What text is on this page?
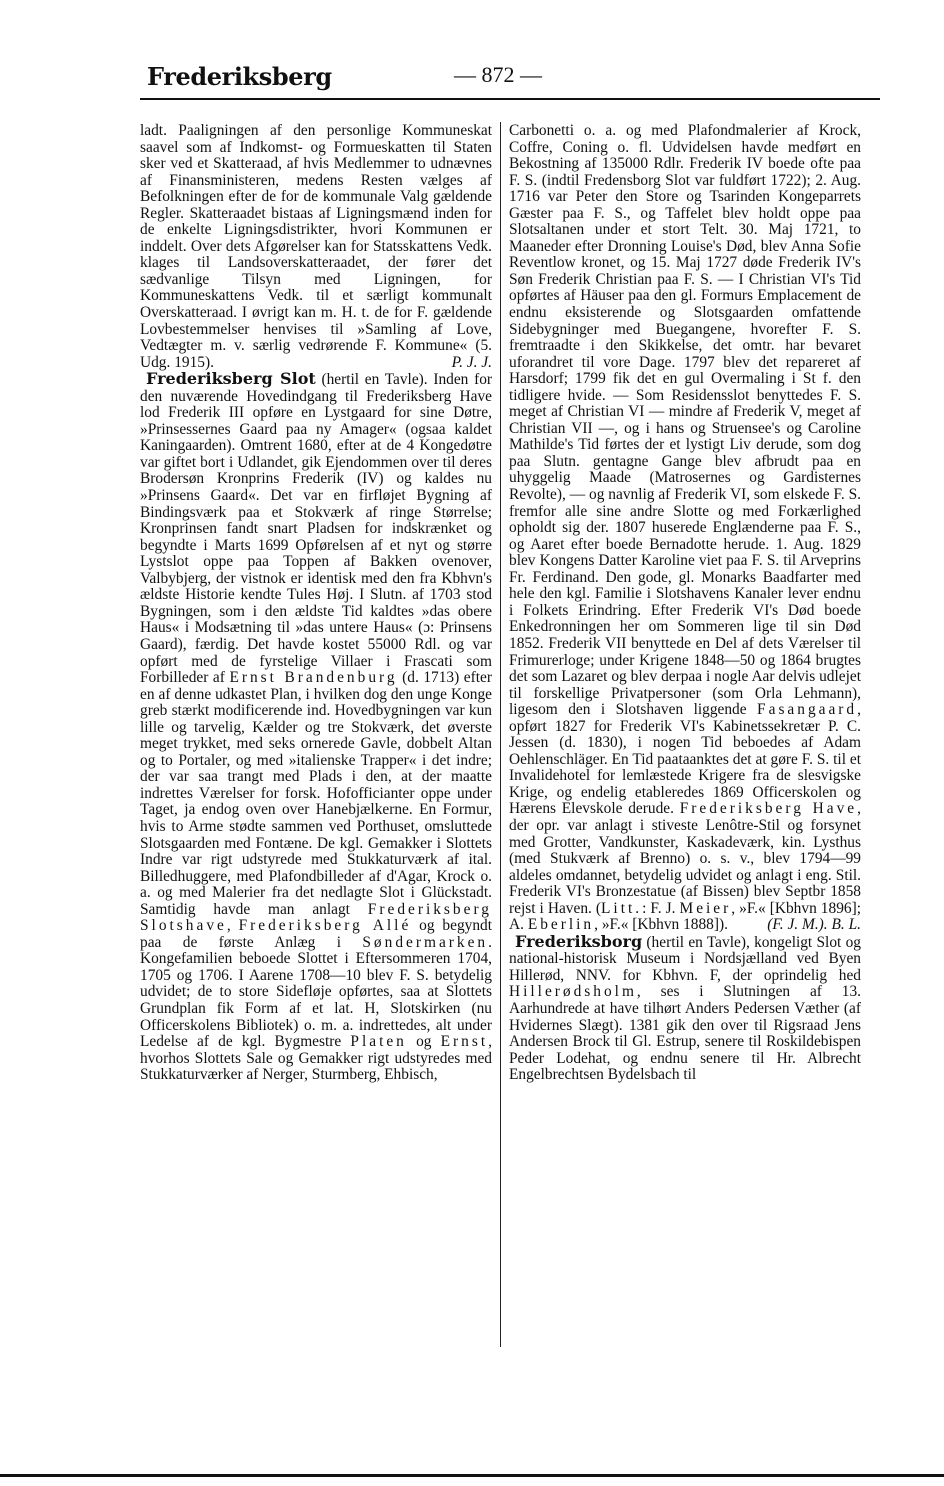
Frederiksberg	— 872 —

ladt. Paaligningen af den personlige Kommuneskat saavel som af Indkomst- og Formueskatten til Staten sker ved et Skatteraad, af hvis Medlemmer to udnævnes af Finansministeren, medens Resten vælges af Befolkningen efter de for de kommunale Valg gældende Regler. Skatteraadet bistaas af Ligningsmænd inden for de enkelte Ligningsdistrikter, hvori Kommunen er inddelt. Over dets Afgørelser kan for Statsskattens Vedk. klages til Landsoverskatteraadet, der fører det sædvanlige Tilsyn med Ligningen, for Kommuneskattens Vedk. til et særligt kommunalt Overskatteraad. I øvrigt kan m. H. t. de for F. gældende Lovbestemmelser henvises til »Samling af Love, Vedtægter m. v. særlig vedrørende F. Kommune« (5. Udg. 1915).	P. J. J.

Frederiksberg Slot (hertil en Tavle). Inden for den nuværende Hovedindgang til Frederiksberg Have lod Frederik III opføre en Lystgaard for sine Døtre, »Prinsessernes Gaard paa ny Amager« (ogsaa kaldet Kaningaarden). Omtrent 1680, efter at de 4 Kongedøtre var giftet bort i Udlandet, gik Ejendommen over til deres Brodersøn Kronprins Frederik (IV) og kaldes nu »Prinsens Gaard«. Det var en firfløjet Bygning af Bindingsværk paa et Stokværk af ringe Størrelse; Kronprinsen fandt snart Pladsen for indskrænket og begyndte i Marts 1699 Opførelsen af et nyt og større Lystslot oppe paa Toppen af Bakken ovenover, Valbybjerg, der vistnok er identisk med den fra Kbhvn's ældste Historie kendte Tules Høj. I Slutn. af 1703 stod Bygningen, som i den ældste Tid kaldtes »das obere Haus« i Modsætning til »das untere Haus« (ɔ: Prinsens Gaard), færdig. Det havde kostet 55000 Rdl. og var opført med de fyrstelige Villaer i Frascati som Forbilleder af Ernst Brandenburg (d. 1713) efter en af denne udkastet Plan, i hvilken dog den unge Konge greb stærkt modificerende ind. Hovedbygningen var kun lille og tarvelig, Kælder og tre Stokværk, det øverste meget trykket, med seks ornerede Gavle, dobbelt Altan og to Portaler, og med »italienske Trapper« i det indre; der var saa trangt med Plads i den, at der maatte indrettes Værelser for forsk. Hofofficianter oppe under Taget, ja endog oven over Hanebjælkerne. En Formur, hvis to Arme stødte sammen ved Porthuset, omsluttede Slotsgaarden med Fontæne. De kgl. Gemakker i Slottets Indre var rigt udstyrede med Stukkaturværk af ital. Billedhuggere, med Plafondbilleder af d'Agar, Krock o. a. og med Malerier fra det nedlagte Slot i Glückstadt. Samtidig havde man anlagt Frederiksberg Slotshave, Frederiksberg Allé og begyndt paa de første Anlæg i Søndermarken. Kongefamilien beboede Slottet i Eftersommeren 1704, 1705 og 1706. I Aarene 1708—10 blev F. S. betydelig udvidet; de to store Sidefløje opførtes, saa at Slottets Grundplan fik Form af et lat. H, Slotskirken (nu Officerskolens Bibliotek) o. m. a. indrettedes, alt under Ledelse af de kgl. Bygmestre Platen og Ernst, hvorhos Slottets Sale og Gemakker rigt udstyredes med Stukkaturværker af Nerger, Sturmberg, Ehbisch,

Carbonetti o. a. og med Plafondmalerier af Krock, Coffre, Coning o. fl. Udvidelsen havde medført en Bekostning af 135000 Rdlr. Frederik IV boede ofte paa F. S. (indtil Fredensborg Slot var fuldført 1722); 2. Aug. 1716 var Peter den Store og Tsarinden Kongeparrets Gæster paa F. S., og Taffelet blev holdt oppe paa Slotsaltanen under et stort Telt. 30. Maj 1721, to Maaneder efter Dronning Louise's Død, blev Anna Sofie Reventlow kronet, og 15. Maj 1727 døde Frederik IV's Søn Frederik Christian paa F. S. — I Christian VI's Tid opførtes af Häuser paa den gl. Formurs Emplacement de endnu eksisterende og Slotsgaarden omfattende Sidebygninger med Buegangene, hvorefter F. S. fremtraadte i den Skikkelse, det omtr. har bevaret uforandret til vore Dage. 1797 blev det repareret af Harsdorf; 1799 fik det en gul Overmaling i St f. den tidligere hvide. — Som Residensslot benyttedes F. S. meget af Christian VI — mindre af Frederik V, meget af Christian VII —, og i hans og Struensee's og Caroline Mathilde's Tid førtes der et lystigt Liv derude, som dog paa Slutn. gentagne Gange blev afbrudt paa en uhyggelig Maade (Matrosernes og Gardisternes Revolte), — og navnlig af Frederik VI, som elskede F. S. fremfor alle sine andre Slotte og med Forkærlighed opholdt sig der. 1807 huserede Englænderne paa F. S., og Aaret efter boede Bernadotte herude. 1. Aug. 1829 blev Kongens Datter Karoline viet paa F. S. til Arveprins Fr. Ferdinand. Den gode, gl. Monarks Baadfarter med hele den kgl. Familie i Slotshavens Kanaler lever endnu i Folkets Erindring. Efter Frederik VI's Død boede Enkedronningen her om Sommeren lige til sin Død 1852. Frederik VII benyttede en Del af dets Værelser til Frimurerloge; under Krigene 1848—50 og 1864 brugtes det som Lazaret og blev derpaa i nogle Aar delvis udlejet til forskellige Privatpersoner (som Orla Lehmann), ligesom den i Slotshaven liggende Fasangaard, opført 1827 for Frederik VI's Kabinetssekretær P. C. Jessen (d. 1830), i nogen Tid beboedes af Adam Oehlenschläger. En Tid paataanktes det at gøre F. S. til et Invalidehotel for lemlæstede Krigere fra de slesvigske Krige, og endelig etableredes 1869 Officerskolen og Hærens Elevskole derude. Frederiksberg Have, der opr. var anlagt i stiveste Lenôtre-Stil og forsynet med Grotter, Vandkunster, Kaskadeværk, kin. Lysthus (med Stukværk af Brenno) o. s. v., blev 1794—99 aldeles omdannet, betydelig udvidet og anlagt i eng. Stil. Frederik VI's Bronzestatue (af Bissen) blev Septbr 1858 rejst i Haven. (Litt.: F. J. Meier, »F.« [Kbhvn 1896]; A. Eberlin, »F.« [Kbhvn 1888]).	(F. J. M.). B. L.

Frederiksborg (hertil en Tavle), kongeligt Slot og national-historisk Museum i Nordsjælland ved Byen Hillerød, NNV. for Kbhvn. F, der oprindelig hed Hillerødsholm, ses i Slutningen af 13. Aarhundrede at have tilhørt Anders Pedersen Væther (af Hvidernes Slægt). 1381 gik den over til Rigsraad Jens Andersen Brock til Gl. Estrup, senere til Roskildebispen Peder Lodehat, og endnu senere til Hr. Albrecht Engelbrechtsen Bydelsbach til
